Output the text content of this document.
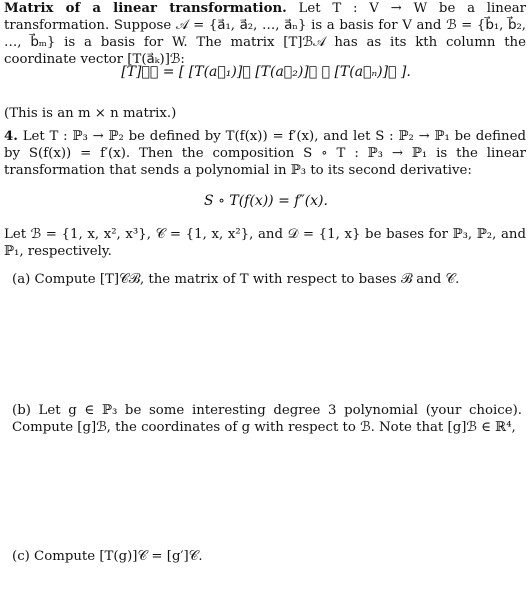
Matrix of a linear transformation. Let T : V → W be a linear transformation. Suppose 𝒜 = {a⃗₁, a⃗₂, …, a⃗ₙ} is a basis for V and ℬ = {b⃗₁, b⃗₂, …, b⃗ₘ} is a basis for W. The matrix [T]ℬ𝒜 has as its kth column the coordinate vector [T(a⃗ₖ)]ℬ:

[T]ℬ𝒜 = [ [T(a⃗₁)]ℬ [T(a⃗₂)]ℬ ⋯ [T(a⃗ₙ)]ℬ ].

(This is an m × n matrix.)

4. Let T : ℙ₃ → ℙ₂ be defined by T(f(x)) = f′(x), and let S : ℙ₂ → ℙ₁ be defined by S(f(x)) = f′(x). Then the composition S ∘ T : ℙ₃ → ℙ₁ is the linear transformation that sends a polynomial in ℙ₃ to its second derivative:

S ∘ T(f(x)) = f″(x).

Let ℬ = {1, x, x², x³}, 𝒞 = {1, x, x²}, and 𝒟 = {1, x} be bases for ℙ₃, ℙ₂, and ℙ₁, respectively.

(a) Compute [T]𝒞ℬ, the matrix of T with respect to bases ℬ and 𝒞.

(b) Let g ∈ ℙ₃ be some interesting degree 3 polynomial (your choice). Compute [g]ℬ, the coordinates of g with respect to ℬ. Note that [g]ℬ ∈ ℝ⁴,

(c) Compute [T(g)]𝒞 = [g′]𝒞.
